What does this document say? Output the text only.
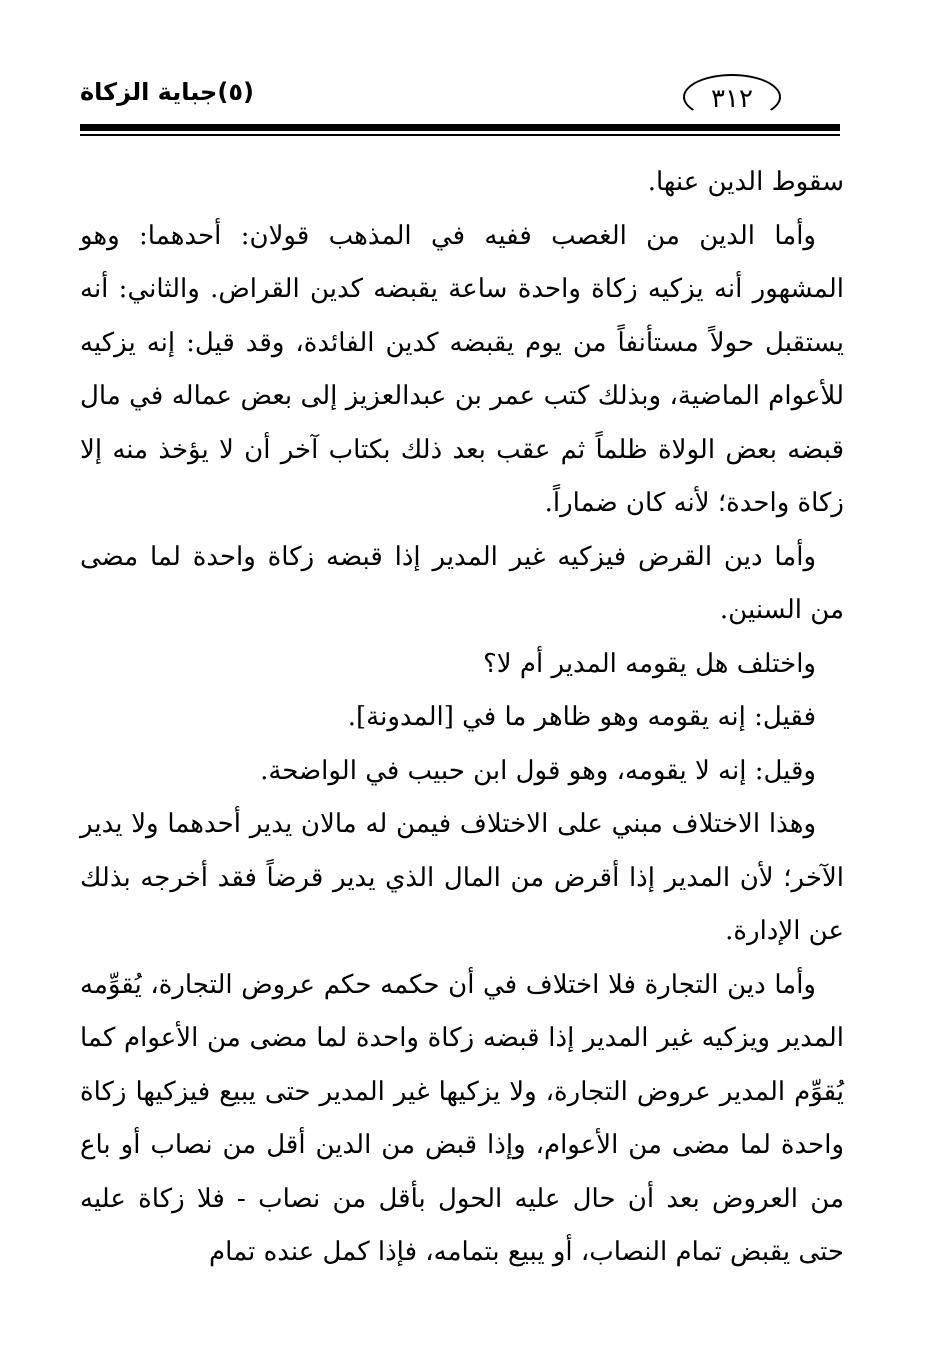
(٥)جباية الزكاة	٣١٢

سقوط الدين عنها.

وأما الدين من الغصب ففيه في المذهب قولان: أحدهما: وهو المشهور أنه يزكيه زكاة واحدة ساعة يقبضه كدين القراض. والثاني: أنه يستقبل حولاً مستأنفاً من يوم يقبضه كدين الفائدة، وقد قيل: إنه يزكيه للأعوام الماضية، وبذلك كتب عمر بن عبدالعزيز إلى بعض عماله في مال قبضه بعض الولاة ظلماً ثم عقب بعد ذلك بكتاب آخر أن لا يؤخذ منه إلا زكاة واحدة؛ لأنه كان ضماراً.

وأما دين القرض فيزكيه غير المدير إذا قبضه زكاة واحدة لما مضى من السنين.

واختلف هل يقومه المدير أم لا؟

فقيل: إنه يقومه وهو ظاهر ما في [المدونة].

وقيل: إنه لا يقومه، وهو قول ابن حبيب في الواضحة.

وهذا الاختلاف مبني على الاختلاف فيمن له مالان يدير أحدهما ولا يدير الآخر؛ لأن المدير إذا أقرض من المال الذي يدير قرضاً فقد أخرجه بذلك عن الإدارة.

وأما دين التجارة فلا اختلاف في أن حكمه حكم عروض التجارة، يُقوِّمه المدير ويزكيه غير المدير إذا قبضه زكاة واحدة لما مضى من الأعوام كما يُقوِّم المدير عروض التجارة، ولا يزكيها غير المدير حتى يبيع فيزكيها زكاة واحدة لما مضى من الأعوام، وإذا قبض من الدين أقل من نصاب أو باع من العروض بعد أن حال عليه الحول بأقل من نصاب - فلا زكاة عليه حتى يقبض تمام النصاب، أو يبيع بتمامه، فإذا كمل عنده تمام
